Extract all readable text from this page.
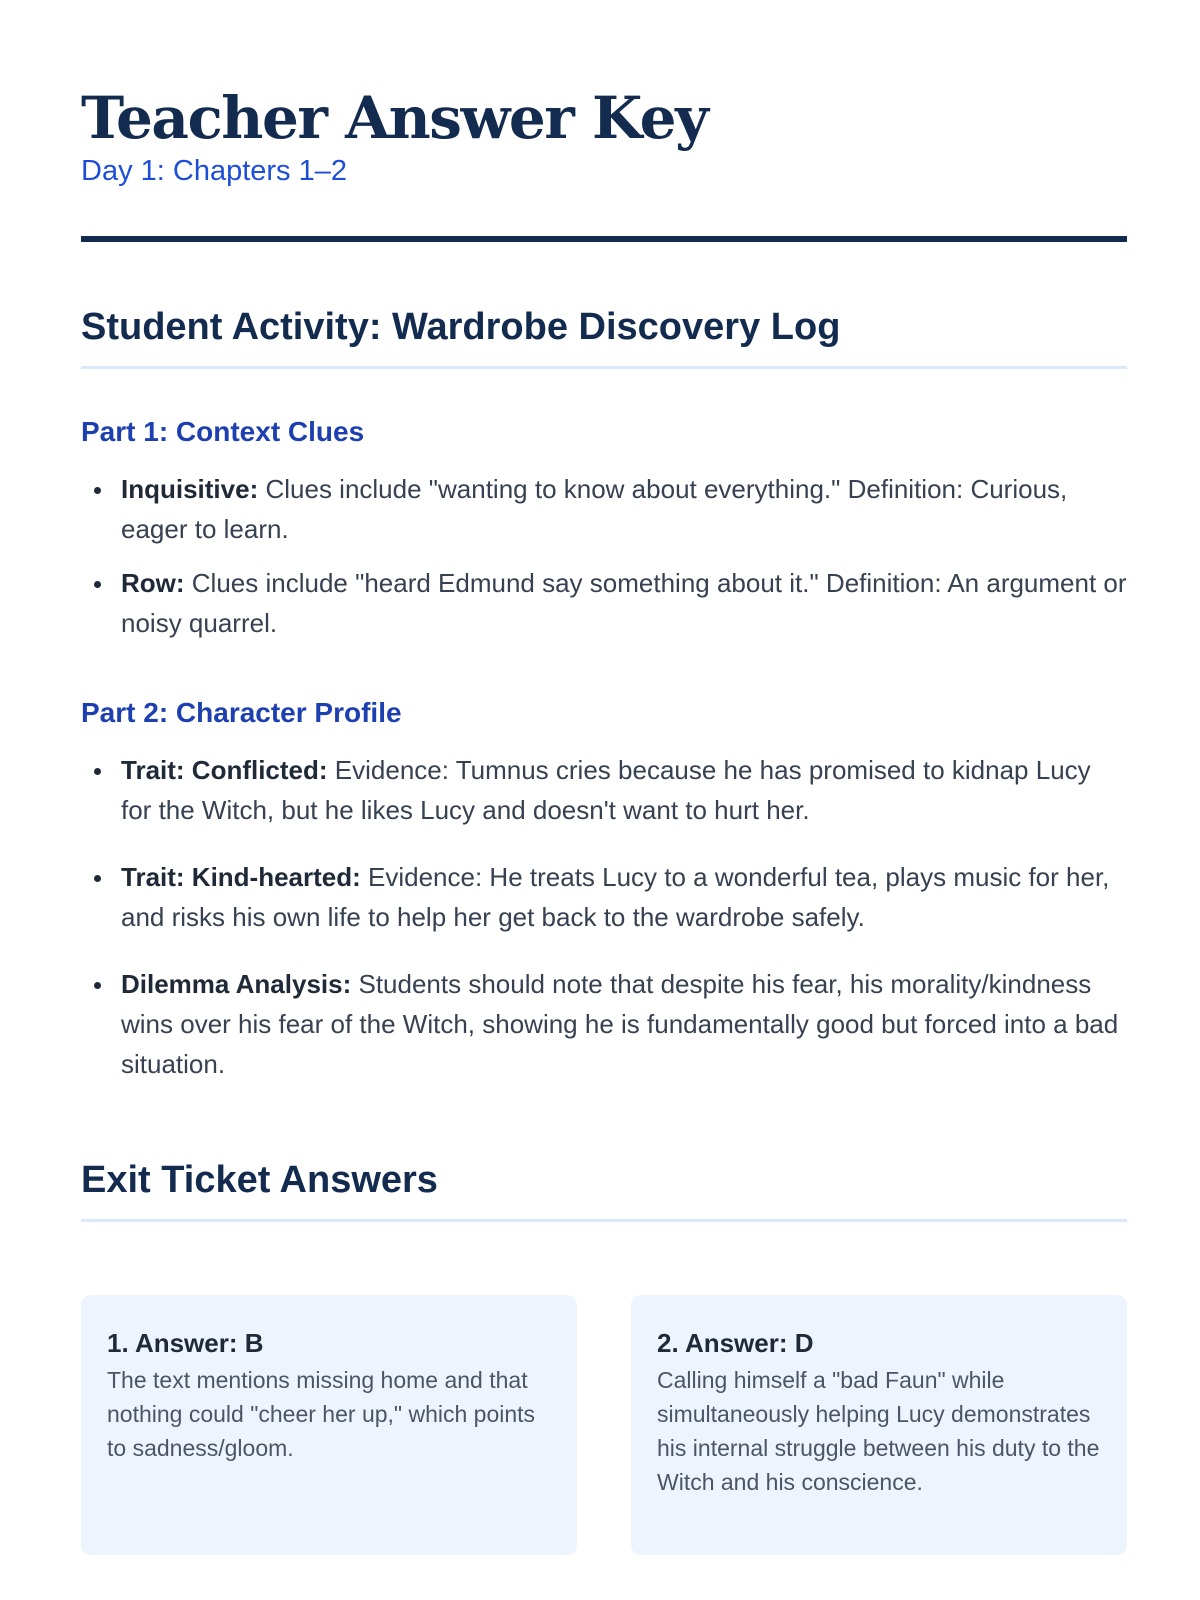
Teacher Answer Key

Day 1: Chapters 1–2

Student Activity: Wardrobe Discovery Log
Part 1: Context Clues
Inquisitive: Clues include "wanting to know about everything." Definition: Curious, eager to learn.
Row: Clues include "heard Edmund say something about it." Definition: An argument or noisy quarrel.
Part 2: Character Profile
Trait: Conflicted: Evidence: Tumnus cries because he has promised to kidnap Lucy for the Witch, but he likes Lucy and doesn't want to hurt her.
Trait: Kind-hearted: Evidence: He treats Lucy to a wonderful tea, plays music for her, and risks his own life to help her get back to the wardrobe safely.
Dilemma Analysis: Students should note that despite his fear, his morality/kindness wins over his fear of the Witch, showing he is fundamentally good but forced into a bad situation.
Exit Ticket Answers

1. Answer: B

The text mentions missing home and that nothing could "cheer her up," which points to sadness/gloom.

2. Answer: D

Calling himself a "bad Faun" while simultaneously helping Lucy demonstrates his internal struggle between his duty to the Witch and his conscience.
